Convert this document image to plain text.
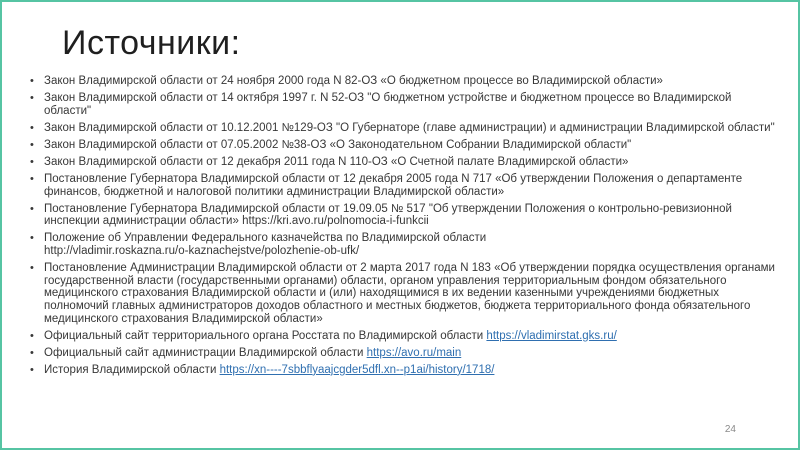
Источники:
• Закон Владимирской области от 24 ноября 2000 года N 82-ОЗ «О бюджетном процессе во Владимирской области»
• Закон Владимирской области от 14 октября 1997 г. N 52-ОЗ "О бюджетном устройстве и бюджетном процессе во Владимирской области"
• Закон Владимирской области от 10.12.2001 №129-ОЗ "О Губернаторе (главе администрации) и администрации Владимирской области"
• Закон Владимирской области от 07.05.2002 №38-ОЗ «О Законодательном Собрании Владимирской области"
• Закон Владимирской области от 12 декабря 2011 года N 110-ОЗ «О Счетной палате Владимирской области»
• Постановление Губернатора Владимирской области от 12 декабря 2005 года N 717 «Об утверждении Положения о департаменте финансов, бюджетной и налоговой политики администрации Владимирской области»
• Постановление Губернатора Владимирской области от 19.09.05 № 517 "Об утверждении Положения о контрольно-ревизионной инспекции администрации области» https://kri.avo.ru/polnomocia-i-funkcii
• Положение об Управлении Федерального казначейства по Владимирской области
http://vladimir.roskazna.ru/o-kaznachejstve/polozhenie-ob-ufk/
• Постановление Администрации Владимирской области от 2 марта 2017 года N 183 «Об утверждении порядка осуществления органами государственной власти (государственными органами) области, органом управления территориальным фондом обязательного медицинского страхования Владимирской области и (или) находящимися в их ведении казенными учреждениями бюджетных полномочий главных администраторов доходов областного и местных бюджетов, бюджета территориального фонда обязательного медицинского страхования Владимирской области»
• Официальный сайт территориального органа Росстата по Владимирской области https://vladimirstat.gks.ru/
• Официальный сайт администрации Владимирской области https://avo.ru/main
• История Владимирской области https://xn----7sbbflyaajcgder5dfl.xn--p1ai/history/1718/
24
